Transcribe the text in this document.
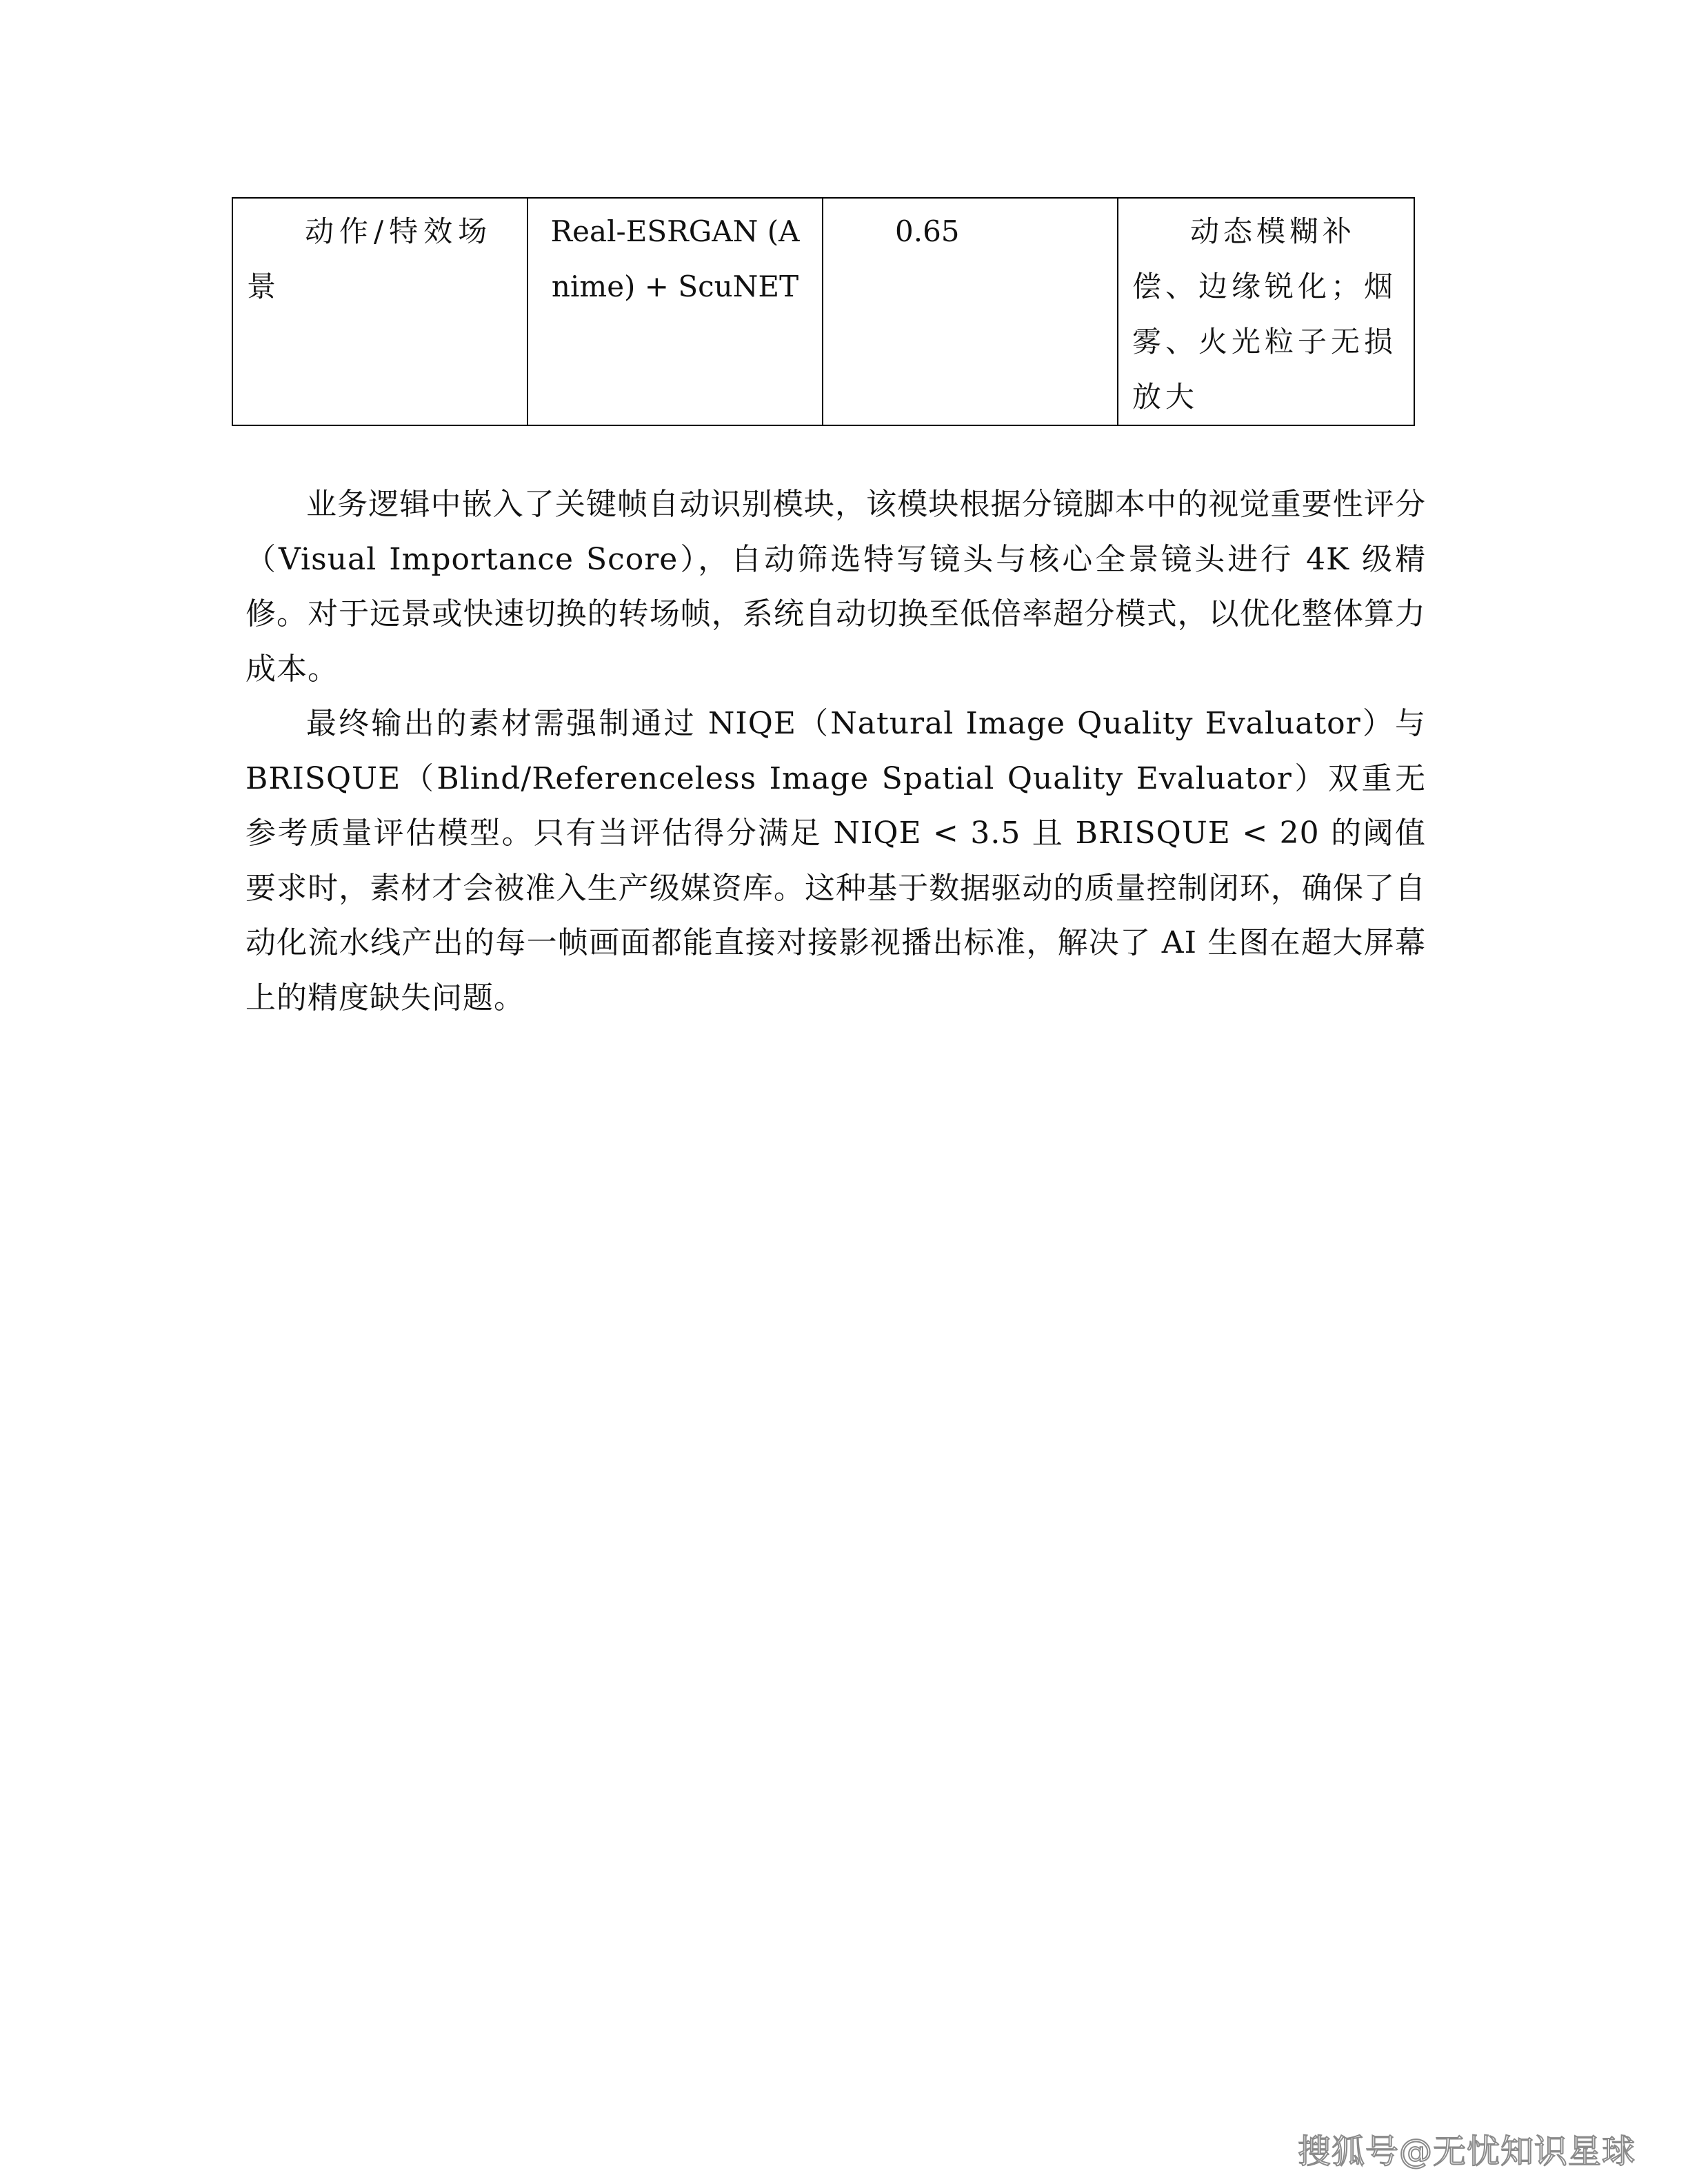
动作/特效场景	Real-ESRGAN (Anime) + ScuNET	0.65	动态模糊补偿、边缘锐化；烟雾、火光粒子无损放大

业务逻辑中嵌入了关键帧自动识别模块，该模块根据分镜脚本中的视觉重要性评分（Visual Importance Score），自动筛选特写镜头与核心全景镜头进行 4K 级精修。对于远景或快速切换的转场帧，系统自动切换至低倍率超分模式，以优化整体算力成本。

最终输出的素材需强制通过 NIQE（Natural Image Quality Evaluator）与 BRISQUE（Blind/Referenceless Image Spatial Quality Evaluator）双重无参考质量评估模型。只有当评估得分满足 NIQE < 3.5 且 BRISQUE < 20 的阈值要求时，素材才会被准入生产级媒资库。这种基于数据驱动的质量控制闭环，确保了自动化流水线产出的每一帧画面都能直接对接影视播出标准，解决了 AI 生图在超大屏幕上的精度缺失问题。

搜狐号@无忧知识星球
